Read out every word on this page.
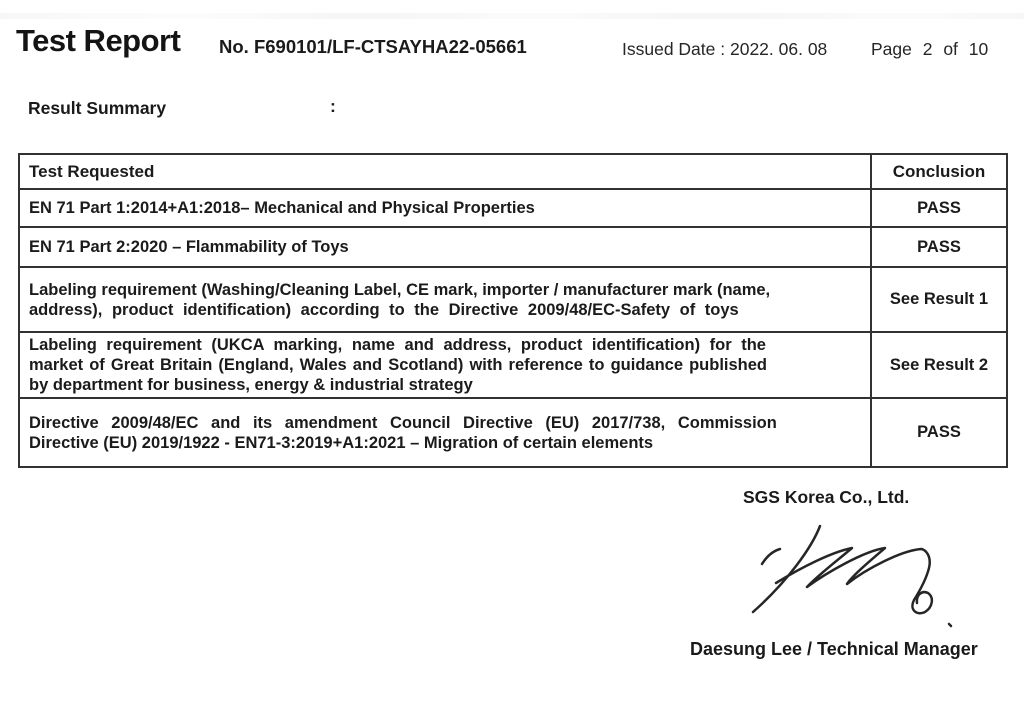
Test Report No. F690101/LF-CTSAYHA22-05661	Issued Date : 2022. 06. 08 Page 2 of 10
Result Summary	:
Test Requested	Conclusion

EN 71 Part 1:2014+A1:2018– Mechanical and Physical Properties	PASS

EN 71 Part 2:2020 – Flammability of Toys	PASS

Labeling requirement (Washing/Cleaning Label, CE mark, importer / manufacturer mark (name,
address), product identification) according to the Directive 2009/48/EC-Safety of toys	See Result 1

Labeling requirement (UKCA marking, name and address, product identification) for the
market of Great Britain (England, Wales and Scotland) with reference to guidance published
by department for business, energy & industrial strategy	See Result 2

Directive 2009/48/EC and its amendment Council Directive (EU) 2017/738, Commission
Directive (EU) 2019/1922 - EN71-3:2019+A1:2021 – Migration of certain elements	PASS
SGS Korea Co., Ltd.
Daesung Lee / Technical Manager
